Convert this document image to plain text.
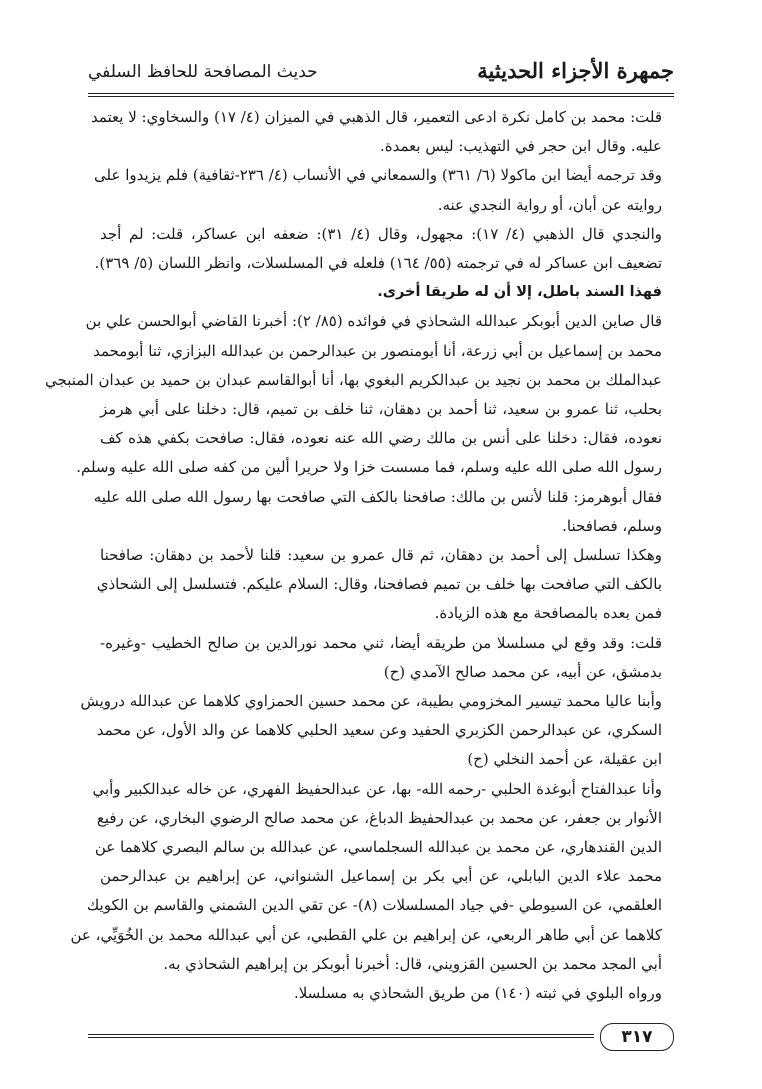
جمهرة الأجزاء الحديثية
حديث المصافحة للحافظ السلفي
قلت: محمد بن كامل نكرة ادعى التعمير، قال الذهبي في الميزان (٤/ ١٧) والسخاوي: لا يعتمد
عليه. وقال ابن حجر في التهذيب: ليس بعمدة.
وقد ترجمه أيضا ابن ماكولا (٦/ ٣٦١) والسمعاني في الأنساب (٤/ ٢٣٦-ثقافية) فلم يزيدوا على
روايته عن أبان، أو رواية النجدي عنه.
والنجدي قال الذهبي (٤/ ١٧): مجهول، وقال (٤/ ٣١): ضعفه ابن عساكر، قلت: لم أجد
تضعيف ابن عساكر له في ترجمته (٥٥/ ١٦٤) فلعله في المسلسلات، وانظر اللسان (٥/ ٣٦٩).
فهذا السند باطل، إلا أن له طريقا أخرى.
قال صاين الدين أبوبكر عبدالله الشحاذي في فوائده (٨٥/ ٢): أخبرنا القاضي أبوالحسن علي بن
محمد بن إسماعيل بن أبي زرعة، أنا أبومنصور بن عبدالرحمن بن عبدالله البزازي، ثنا أبومحمد
عبدالملك بن محمد بن نجيد بن عبدالكريم البغوي بها، أنا أبوالقاسم عبدان بن حميد بن عبدان المنبجي
بحلب، ثنا عمرو بن سعيد، ثنا أحمد بن دهقان، ثنا خلف بن تميم، قال: دخلنا على أبي هرمز
نعوده، فقال: دخلنا على أنس بن مالك رضي الله عنه نعوده، فقال: صافحت بكفي هذه كف
رسول الله صلى الله عليه وسلم، فما مسست خزا ولا حريرا ألين من كفه صلى الله عليه وسلم.
فقال أبوهرمز: قلنا لأنس بن مالك: صافحنا بالكف التي صافحت بها رسول الله صلى الله عليه
وسلم، فصافحنا.
وهكذا تسلسل إلى أحمد بن دهقان، ثم قال عمرو بن سعيد: قلنا لأحمد بن دهقان: صافحنا
بالكف التي صافحت بها خلف بن تميم فصافحنا، وقال: السلام عليكم. فتسلسل إلى الشحاذي
فمن بعده بالمصافحة مع هذه الزيادة.
قلت: وقد وقع لي مسلسلا من طريقه أيضا، ثني محمد نورالدين بن صالح الخطيب -وغيره-
بدمشق، عن أبيه، عن محمد صالح الآمدي (ح)
وأبنا عاليا محمد تيسير المخزومي بطيبة، عن محمد حسين الحمزاوي كلاهما عن عبدالله درويش
السكري، عن عبدالرحمن الكزبري الحفيد وعن سعيد الحلبي كلاهما عن والد الأول، عن محمد
ابن عقيلة، عن أحمد النخلي (ح)
وأنا عبدالفتاح أبوغدة الحلبي -رحمه الله- بها، عن عبدالحفيظ الفهري، عن خاله عبدالكبير وأبي
الأنوار بن جعفر، عن محمد بن عبدالحفيظ الدباغ، عن محمد صالح الرضوي البخاري، عن رفيع
الدين القندهاري، عن محمد بن عبدالله السجلماسي، عن عبدالله بن سالم البصري كلاهما عن
محمد علاء الدين البابلي، عن أبي بكر بن إسماعيل الشنواني، عن إبراهيم بن عبدالرحمن
العلقمي، عن السيوطي -في جياد المسلسلات (٨)- عن تقي الدين الشمني والقاسم بن الكويك
كلاهما عن أبي طاهر الربعي، عن إبراهيم بن علي القطبي، عن أبي عبدالله محمد بن الخُوَيِّي، عن
أبي المجد محمد بن الحسين القزويني، قال: أخبرنا أبوبكر بن إبراهيم الشحاذي به.
ورواه البلوي في ثبته (١٤٠) من طريق الشحاذي به مسلسلا.
٣١٧
